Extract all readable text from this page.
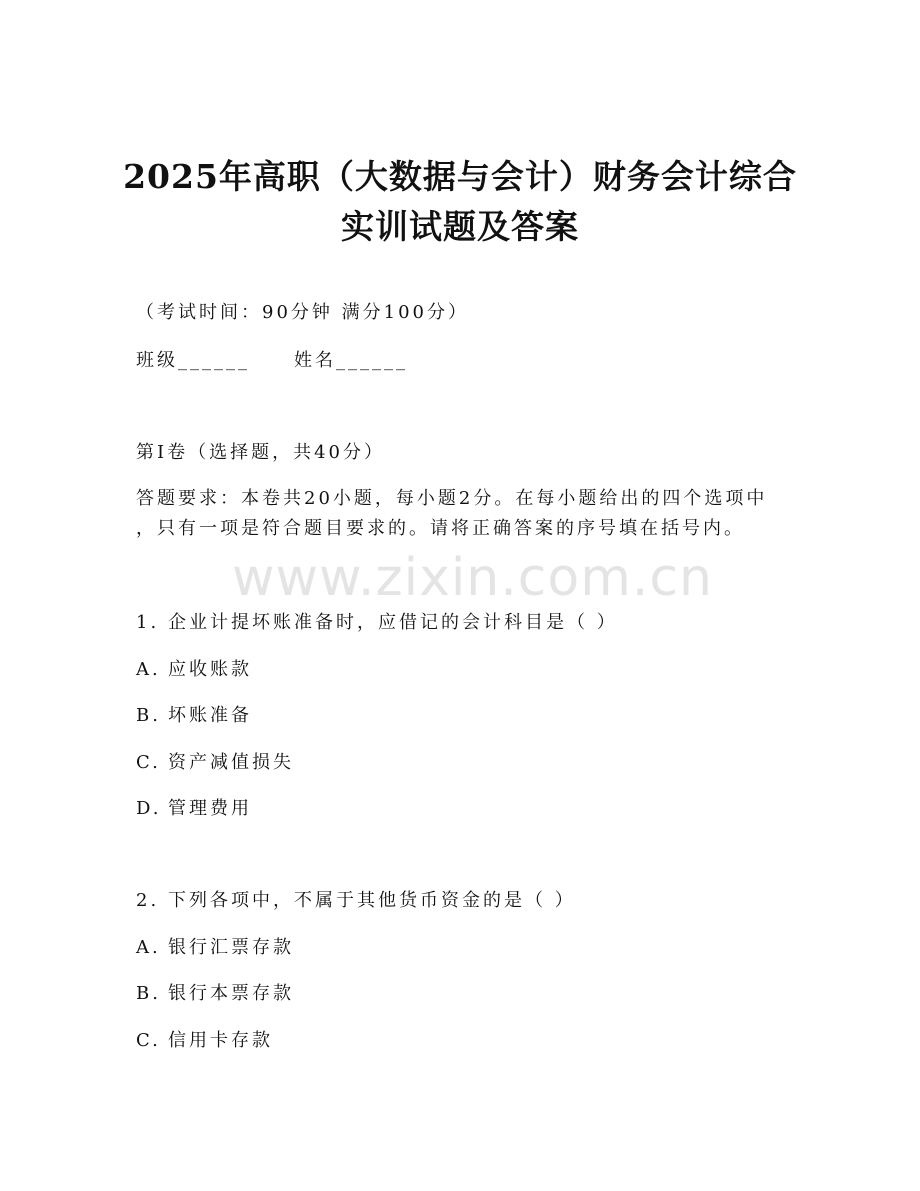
2025年高职（大数据与会计）财务会计综合
实训试题及答案
（考试时间：90分钟 满分100分）
班级______ 姓名______
第I卷（选择题，共40分）
答题要求：本卷共20小题，每小题2分。在每小题给出的四个选项中
，只有一项是符合题目要求的。请将正确答案的序号填在括号内。
www.zixin.com.cn
1. 企业计提坏账准备时，应借记的会计科目是（ ）
A. 应收账款
B. 坏账准备
C. 资产减值损失
D. 管理费用
2. 下列各项中，不属于其他货币资金的是（ ）
A. 银行汇票存款
B. 银行本票存款
C. 信用卡存款
